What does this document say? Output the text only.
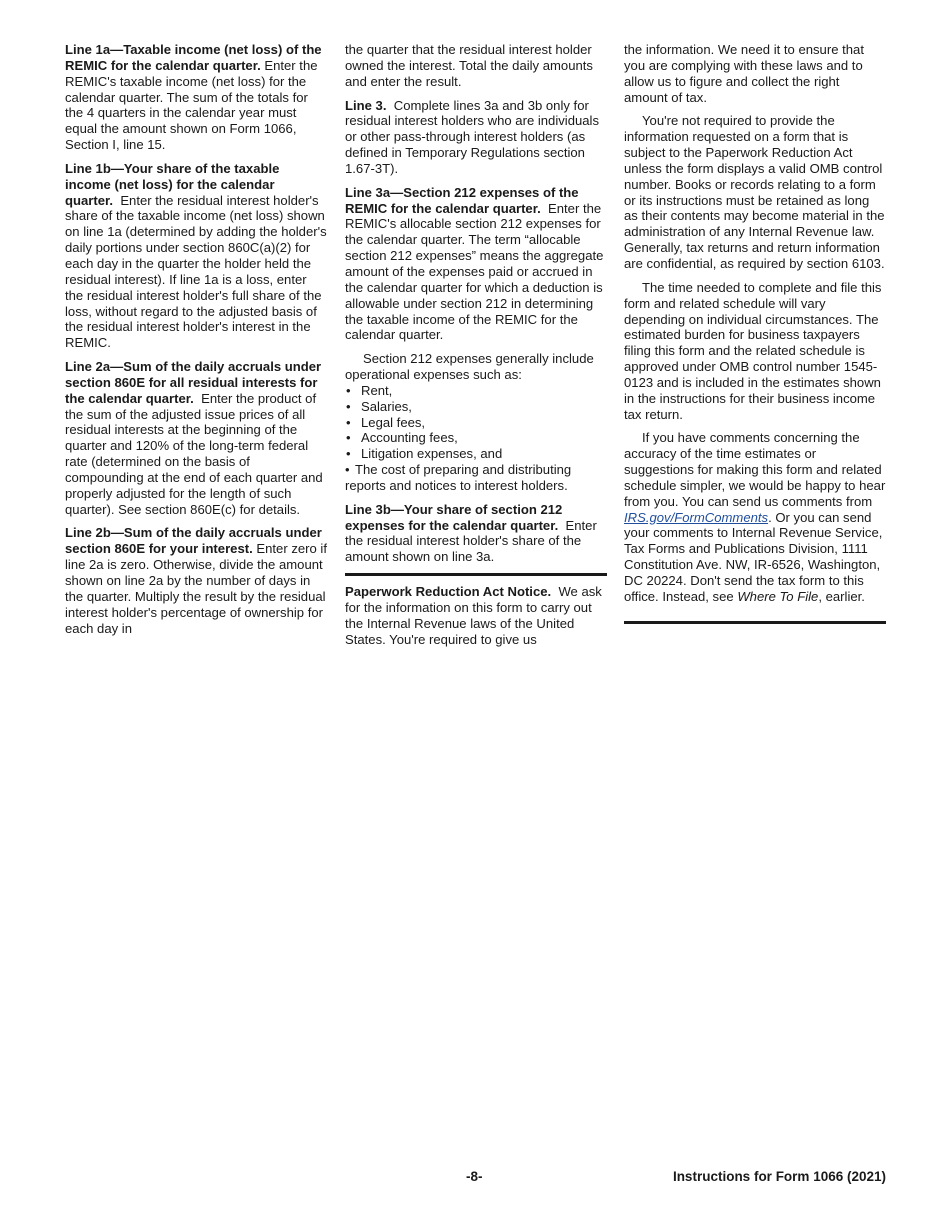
Line 1a—Taxable income (net loss) of the REMIC for the calendar quarter. Enter the REMIC's taxable income (net loss) for the calendar quarter. The sum of the totals for the 4 quarters in the calendar year must equal the amount shown on Form 1066, Section I, line 15.

Line 1b—Your share of the taxable income (net loss) for the calendar quarter. Enter the residual interest holder's share of the taxable income (net loss) shown on line 1a (determined by adding the holder's daily portions under section 860C(a)(2) for each day in the quarter the holder held the residual interest). If line 1a is a loss, enter the residual interest holder's full share of the loss, without regard to the adjusted basis of the residual interest holder's interest in the REMIC.

Line 2a—Sum of the daily accruals under section 860E for all residual interests for the calendar quarter. Enter the product of the sum of the adjusted issue prices of all residual interests at the beginning of the quarter and 120% of the long-term federal rate (determined on the basis of compounding at the end of each quarter and properly adjusted for the length of such quarter). See section 860E(c) for details.

Line 2b—Sum of the daily accruals under section 860E for your interest. Enter zero if line 2a is zero. Otherwise, divide the amount shown on line 2a by the number of days in the quarter. Multiply the result by the residual interest holder's percentage of ownership for each day in

the quarter that the residual interest holder owned the interest. Total the daily amounts and enter the result.

Line 3. Complete lines 3a and 3b only for residual interest holders who are individuals or other pass-through interest holders (as defined in Temporary Regulations section 1.67-3T).

Line 3a—Section 212 expenses of the REMIC for the calendar quarter. Enter the REMIC's allocable section 212 expenses for the calendar quarter. The term “allocable section 212 expenses” means the aggregate amount of the expenses paid or accrued in the calendar quarter for which a deduction is allowable under section 212 in determining the taxable income of the REMIC for the calendar quarter.

Section 212 expenses generally include operational expenses such as:

• Rent,
• Salaries,
• Legal fees,
• Accounting fees,
• Litigation expenses, and
• The cost of preparing and distributing reports and notices to interest holders.

Line 3b—Your share of section 212 expenses for the calendar quarter. Enter the residual interest holder's share of the amount shown on line 3a.

Paperwork Reduction Act Notice. We ask for the information on this form to carry out the Internal Revenue laws of the United States. You're required to give us

the information. We need it to ensure that you are complying with these laws and to allow us to figure and collect the right amount of tax.

You're not required to provide the information requested on a form that is subject to the Paperwork Reduction Act unless the form displays a valid OMB control number. Books or records relating to a form or its instructions must be retained as long as their contents may become material in the administration of any Internal Revenue law. Generally, tax returns and return information are confidential, as required by section 6103.

The time needed to complete and file this form and related schedule will vary depending on individual circumstances. The estimated burden for business taxpayers filing this form and the related schedule is approved under OMB control number 1545-0123 and is included in the estimates shown in the instructions for their business income tax return.

If you have comments concerning the accuracy of the time estimates or suggestions for making this form and related schedule simpler, we would be happy to hear from you. You can send us comments from IRS.gov/FormComments. Or you can send your comments to Internal Revenue Service, Tax Forms and Publications Division, 1111 Constitution Ave. NW, IR-6526, Washington, DC 20224. Don't send the tax form to this office. Instead, see Where To File, earlier.

-8-	Instructions for Form 1066 (2021)
